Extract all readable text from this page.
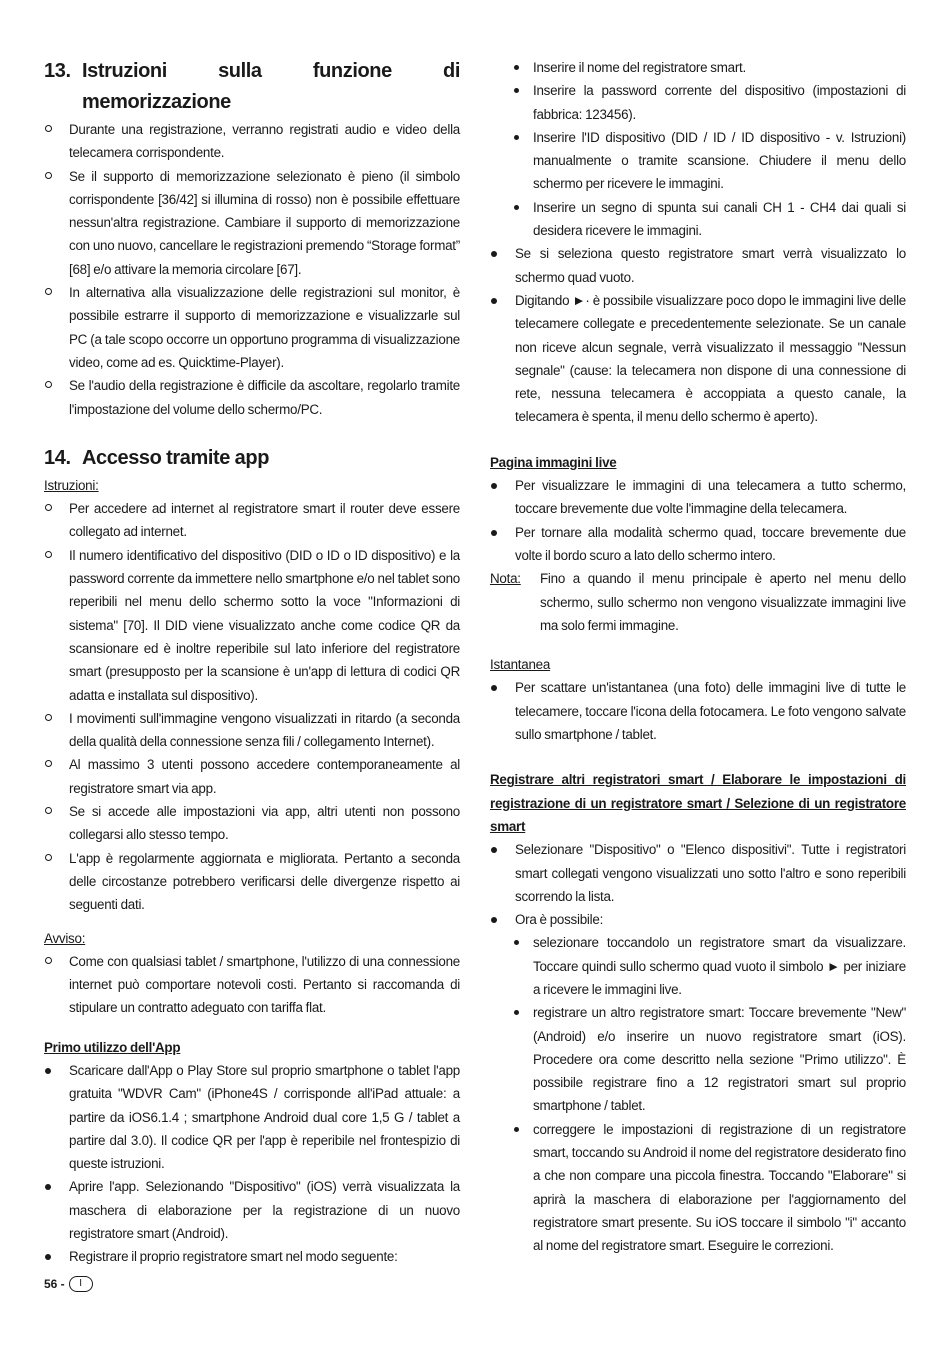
13. Istruzioni sulla funzione di memorizzazione
Durante una registrazione, verranno registrati audio e video della telecamera corrispondente.
Se il supporto di memorizzazione selezionato è pieno (il simbolo corrispondente [36/42] si illumina di rosso) non è possibile effettuare nessun'altra registrazione. Cambiare il supporto di memorizzazione con uno nuovo, cancellare le registrazioni premendo “Storage format” [68] e/o attivare la memoria circolare [67].
In alternativa alla visualizzazione delle registrazioni sul monitor, è possibile estrarre il supporto di memorizzazione e visualizzarle sul PC (a tale scopo occorre un opportuno programma di visualizzazione video, come ad es. Quicktime-Player).
Se l'audio della registrazione è difficile da ascoltare, regolarlo tramite l'impostazione del volume dello schermo/PC.
14. Accesso tramite app

Istruzioni:

Per accedere ad internet al registratore smart il router deve essere collegato ad internet.
Il numero identificativo del dispositivo (DID o ID o ID dispositivo) e la password corrente da immettere nello smartphone e/o nel tablet sono reperibili nel menu dello schermo sotto la voce "Informazioni di sistema" [70]. Il DID viene visualizzato anche come codice QR da scansionare ed è inoltre reperibile sul lato inferiore del registratore smart (presupposto per la scansione è un'app di lettura di codici QR adatta e installata sul dispositivo).
I movimenti sull'immagine vengono visualizzati in ritardo (a seconda della qualità della connessione senza fili / collegamento Internet).
Al massimo 3 utenti possono accedere contemporaneamente al registratore smart via app.
Se si accede alle impostazioni via app, altri utenti non possono collegarsi allo stesso tempo.
L'app è regolarmente aggiornata e migliorata. Pertanto a seconda delle circostanze potrebbero verificarsi delle divergenze rispetto ai seguenti dati.

Avviso:

Come con qualsiasi tablet / smartphone, l'utilizzo di una connessione internet può comportare notevoli costi. Pertanto si raccomanda di stipulare un contratto adeguato con tariffa flat.

Primo utilizzo dell'App

Scaricare dall'App o Play Store sul proprio smartphone o tablet l'app gratuita "WDVR Cam" (iPhone4S / corrisponde all'iPad attuale: a partire da iOS6.1.4 ; smartphone Android dual core 1,5 G / tablet a partire dal 3.0). Il codice QR per l'app è reperibile nel frontespizio di queste istruzioni.
Aprire l'app. Selezionando "Dispositivo" (iOS) verrà visualizzata la maschera di elaborazione per la registrazione di un nuovo registratore smart (Android).
Registrare il proprio registratore smart nel modo seguente:
Inserire il nome del registratore smart.
Inserire la password corrente del dispositivo (impostazioni di fabbrica: 123456).
Inserire l'ID dispositivo (DID / ID / ID dispositivo - v. Istruzioni) manualmente o tramite scansione. Chiudere il menu dello schermo per ricevere le immagini.
Inserire un segno di spunta sui canali CH 1 - CH4 dai quali si desidera ricevere le immagini.
Se si seleziona questo registratore smart verrà visualizzato lo schermo quad vuoto.
Digitando ►· è possibile visualizzare poco dopo le immagini live delle telecamere collegate e precedentemente selezionate. Se un canale non riceve alcun segnale, verrà visualizzato il messaggio "Nessun segnale" (cause: la telecamera non dispone di una connessione di rete, nessuna telecamera è accoppiata a questo canale, la telecamera è spenta, il menu dello schermo è aperto).

Pagina immagini live

Per visualizzare le immagini di una telecamera a tutto schermo, toccare brevemente due volte l'immagine della telecamera.
Per tornare alla modalità schermo quad, toccare brevemente due volte il bordo scuro a lato dello schermo intero.
Nota:	Fino a quando il menu principale è aperto nel menu dello schermo, sullo schermo non vengono visualizzate immagini live ma solo fermi immagine.

Istantanea

Per scattare un'istantanea (una foto) delle immagini live di tutte le telecamere, toccare l'icona della fotocamera. Le foto vengono salvate sullo smartphone / tablet.

Registrare altri registratori smart / Elaborare le impostazioni di registrazione di un registratore smart / Selezione di un registratore smart

Selezionare "Dispositivo" o "Elenco dispositivi". Tutte i registratori smart collegati vengono visualizzati uno sotto l'altro e sono reperibili scorrendo la lista.
Ora è possibile:
selezionare toccandolo un registratore smart da visualizzare. Toccare quindi sullo schermo quad vuoto il simbolo ► per iniziare a ricevere le immagini live.
registrare un altro registratore smart: Toccare brevemente "New" (Android) e/o inserire un nuovo registratore smart (iOS). Procedere ora come descritto nella sezione "Primo utilizzo". È possibile registrare fino a 12 registratori smart sul proprio smartphone / tablet.
correggere le impostazioni di registrazione di un registratore smart, toccando su Android il nome del registratore desiderato fino a che non compare una piccola finestra. Toccando "Elaborare" si aprirà la maschera di elaborazione per l'aggiornamento del registratore smart presente. Su iOS toccare il simbolo "i" accanto al nome del registratore smart. Eseguire le correzioni.
56 -	I
